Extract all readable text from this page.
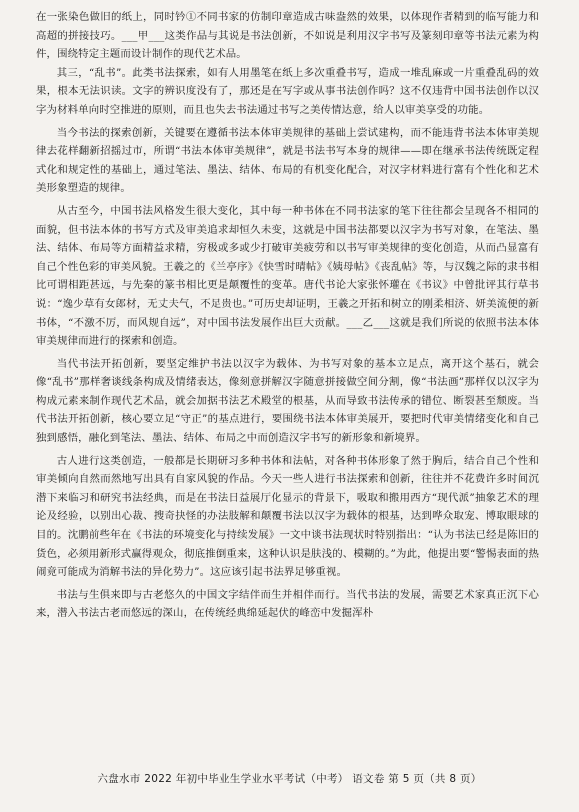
在一张染色做旧的纸上，同时钤①不同书家的仿制印章造成古味盎然的效果，以体现作者精到的临写能力和高超的拼接技巧。___甲___这类作品与其说是书法创新，不如说是利用汉字书写及篆刻印章等书法元素为构件，围绕特定主题而设计制作的现代艺术品。

其三，“乱书”。此类书法探索，如有人用墨笔在纸上多次重叠书写，造成一堆乱麻或一片重叠乱码的效果，根本无法识读。文字的辨识度没有了，那还是在写字或从事书法创作吗？这不仅违背中国书法创作以汉字为材料单向时空推进的原则，而且也失去书法通过书写之美传情达意，给人以审美享受的功能。

当今书法的探索创新，关键要在遵循书法本体审美规律的基础上尝试建构，而不能违背书法本体审美规律去花样翻新招摇过市，所谓“书法本体审美规律”，就是书法书写本身的规律——即在继承书法传统既定程式化和规定性的基础上，通过笔法、墨法、结体、布局的有机变化配合，对汉字材料进行富有个性化和艺术美形象塑造的规律。

从古至今，中国书法风格发生很大变化，其中每一种书体在不同书法家的笔下往往都会呈现各不相同的面貌，但书法本体的书写方式及审美追求却恒久未变，这就是中国书法都要以汉字为书写对象，在笔法、墨法、结体、布局等方面精益求精，穷极或多或少打破审美疲劳和以书写审美规律的变化创造，从而凸显富有自己个性色彩的审美风貌。王羲之的《兰亭序》《快雪时晴帖》《姨母帖》《丧乱帖》等，与汉魏之际的隶书相比可谓相距甚远，与先秦的篆书相比更是颠覆性的变革。唐代书论大家张怀瓘在《书议》中曾批评其行草书说：“逸少草有女郎材，无丈夫气，不足贵也。”可历史却证明，王羲之开拓和树立的刚柔相济、妍美流便的新书体，“不激不厉，而风规自远”，对中国书法发展作出巨大贡献。___乙___这就是我们所说的依照书法本体审美规律而进行的探索和创造。

当代书法开拓创新，要坚定维护书法以汉字为载体、为书写对象的基本立足点，离开这个基石，就会像“乱书”那样奢谈线条构成及情绪表达，像刻意拼解汉字随意拼接做空间分割，像“书法画”那样仅以汉字为构成元素来制作现代艺术品，就会加据书法艺术殿堂的根基，从而导致书法传承的错位、断裂甚至颓废。当代书法开拓创新，核心要立足“守正”的基点进行，要围绕书法本体审美展开，要把时代审美情绪变化和自己独到感悟，融化到笔法、墨法、结体、布局之中而创造汉字书写的新形象和新境界。

古人进行这类创造，一般都是长期研习多种书体和法帖，对各种书体形象了然于胸后，结合自己个性和审美倾向自然而然地写出具有自家风貌的作品。今天一些人进行书法探索和创新，往往并不花费许多时间沉潜下来临习和研究书法经典，而是在书法日益展厅化显示的背景下，吸取和搬用西方“现代派”抽象艺术的理论及经验，以别出心裁、搜奇抉怪的办法肢解和颠覆书法以汉字为载体的根基，达到哗众取宠、博取眼球的目的。沈鹏前些年在《书法的环境变化与持续发展》一文中谈书法现状时特别指出：“认为书法已经是陈旧的货色，必须用新形式赢得观众，彻底推倒重来，这种认识是肤浅的、模糊的。”为此，他提出要“警惕表面的热闹竟可能成为消解书法的异化势力”。这应该引起书法界足够重视。

书法与生俱来即与古老悠久的中国文字结伴而生并相伴而行。当代书法的发展，需要艺术家真正沉下心来，潜入书法古老而悠远的深山，在传统经典绵延起伏的峰峦中发掘浑朴

六盘水市 2022 年初中毕业生学业水平考试（中考） 语文卷 第 5 页（共 8 页）
